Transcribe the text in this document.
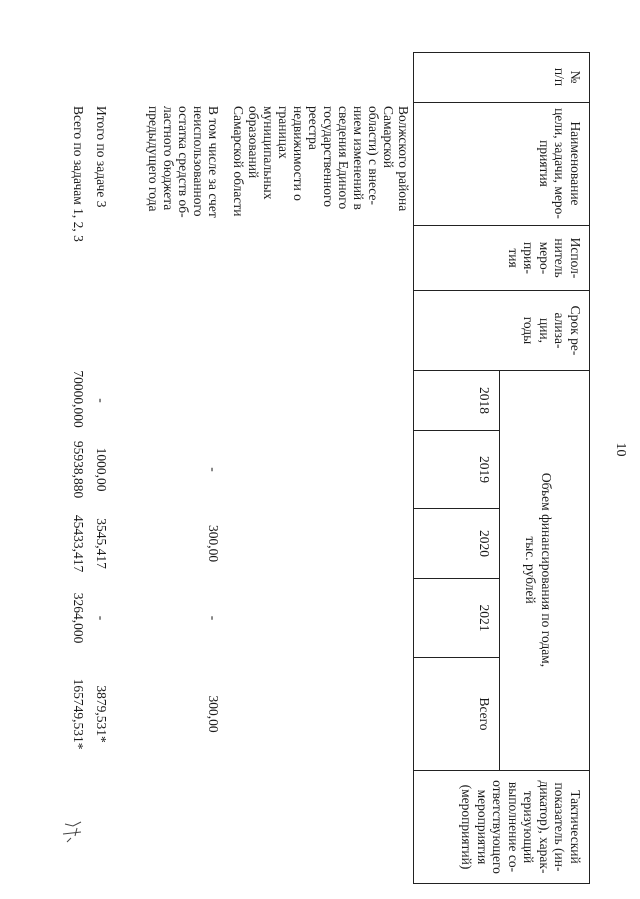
10
№
п/п
Наименование
цели, задачи, меро-
приятия
Испол-
нитель
меро-
прия-
тия
Срок ре-
ализа-
ции,
годы
Объем финансирования по годам,
тыс. рублей
2018
2019
2020
2021
Всего
Тактический
показатель (ин-
дикатор), харак-
теризующий
выполнение со-
ответствующего
мероприятия
(мероприятий)
Волжского района
Самарской
области) с внесе-
нием изменений в
сведения Единого
государственного
реестра
недвижимости о
границах
муниципальных
образований
Самарской области
В том числе за счет
неиспользованного
остатка средств об-
ластного бюджета
предыдущего года
-
300,00
-
300,00
Итого по задаче 3
-
1000,00
3545,417
-
3879,531*
Всего по задачам 1, 2, 3
70000,000
95938,880
45433,417
3264,000
165749,531*
